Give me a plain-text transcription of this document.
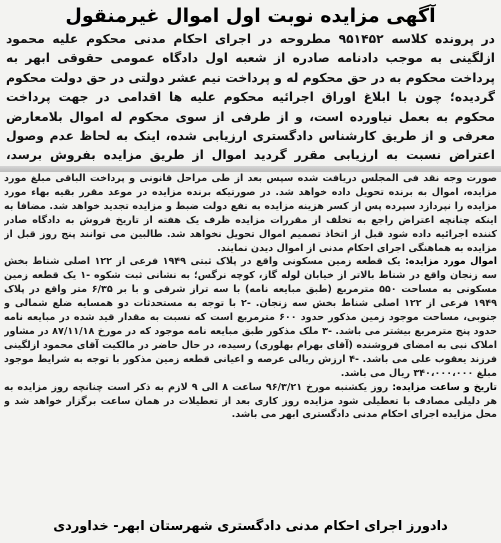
آگهی مزایده نوبت اول اموال غیرمنقول
در پرونده کلاسه ۹۵۱۴۵۲ مطروحه در اجرای احکام مدنی محکوم علیه محمود ازلگینی به موجب دادنامه صادره از شعبه اول دادگاه عمومی حقوقی ابهر به پرداخت محکوم به در حق محکوم له و پرداخت نیم عشر دولتی در حق دولت محکوم گردیده؛ چون با ابلاغ اوراق اجرائیه محکوم علیه ها اقدامی در جهت پرداخت محکوم به بعمل نیاورده است، و از طرفی از سوی محکوم له اموال بلامعارض معرفی و از طریق کارشناس دادگستری ارزیابی شده، اینک به لحاظ عدم وصول اعتراض نسبت به ارزیابی مقرر گردید اموال از طریق مزایده بفروش برسد،

صورت وجه نقد فی المجلس دریافت شده سپس بعد از طی مراحل قانونی و پرداخت الباقی مبلغ مورد مزایده، اموال به برنده تحویل داده خواهد شد. در صورتیکه برنده مزایده در موعد مقرر بقیه بهاء مورد مزایده را نپردازد سپرده پس از کسر هزینه مزایده به نفع دولت ضبط و مزایده تجدید خواهد شد. مضافا به اینکه چنانچه اعتراض راجع به تخلف از مقررات مزایده ظرف یک هفته از تاریخ فروش به دادگاه صادر کننده اجرائیه داده شود قبل از اتخاذ تصمیم اموال تحویل نخواهد شد. طالبین می توانند پنج روز قبل از مزایده به هماهنگی اجرای احکام مدنی از اموال دیدن نمایند.

اموال مورد مزایده: یک قطعه زمین مسکونی واقع در پلاک ثبتی ۱۹۴۹ فرعی از ۱۲۲ اصلی شناط بخش سه زنجان واقع در شناط بالاتر از خیابان لوله گاز، کوچه نرگس؛ به نشانی ثبت شکوه -۱ یک قطعه زمین مسکونی به مساحت ۵۵۰ مترمربع (طبق مبایعه نامه) با سه تراز شرقی و با بر ۶/۳۵ متر واقع در پلاک ۱۹۴۹ فرعی از ۱۲۲ اصلی شناط بخش سه زنجان. -۲ با توجه به مستحدثات دو همسایه ضلع شمالی و جنوبی، مساحت موجود زمین مذکور حدود ۶۰۰ مترمربع است که نسبت به مقدار قید شده در مبایعه نامه حدود پنج مترمربع بیشتر می باشد. -۳ ملک مذکور طبق مبایعه نامه موجود که در مورخ ۸۷/۱۱/۱۸ در مشاور املاک نبی به امضای فروشنده (آقای بهرام بهلوری) رسیده، در حال حاضر در مالکیت آقای محمود ازلگینی فرزند یعقوب علی می باشد. -۴ ارزش ریالی عرصه و اعیانی قطعه زمین مذکور با توجه به شرایط موجود مبلغ ۳۴۰،۰۰۰،۰۰۰ ریال می باشد.

تاریخ و ساعت مزایده: روز یکشنبه مورخ ۹۶/۳/۲۱ ساعت ۸ الی ۹ لازم به ذکر است چنانچه روز مزایده به هر دلیلی مصادف با تعطیلی شود مزایده روز کاری بعد از تعطیلات در همان ساعت برگزار خواهد شد و محل مزایده اجرای احکام مدنی دادگستری ابهر می باشد.

دادورز اجرای احکام مدنی دادگستری شهرستان ابهر- خداوردی
